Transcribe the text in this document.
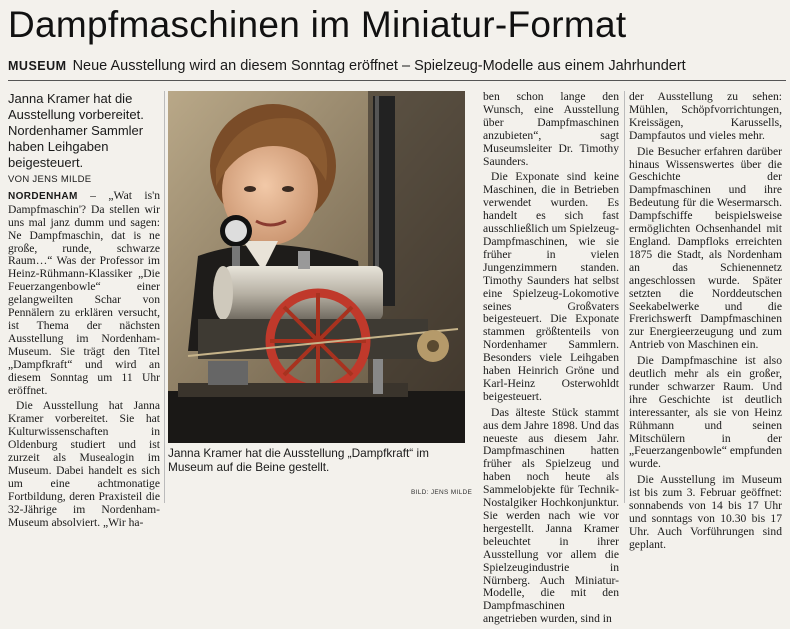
Dampfmaschinen im Miniatur-Format
MUSEUM Neue Ausstellung wird an diesem Sonntag eröffnet – Spielzeug-Modelle aus einem Jahrhundert

Janna Kramer hat die Ausstellung vorbereitet. Nordenhamer Sammler haben Leihgaben beigesteuert.

VON JENS MILDE

NORDENHAM – „Wat is'n Dampfmaschin'? Da stellen wir uns mal janz dumm und sagen: Ne Dampfmaschin, dat is ne große, runde, schwarze Raum…“ Was der Professor im Heinz-Rühmann-Klassiker „Die Feuerzangenbowle“ einer gelangweilten Schar von Pennälern zu erklären versucht, ist Thema der nächsten Ausstellung im Nordenham-Museum. Sie trägt den Titel „Dampfkraft“ und wird an diesem Sonntag um 11 Uhr eröffnet.

Die Ausstellung hat Janna Kramer vorbereitet. Sie hat Kulturwissenschaften in Oldenburg studiert und ist zurzeit als Musealogin im Museum. Dabei handelt es sich um eine achtmonatige Fortbildung, deren Praxisteil die 32-Jährige im Nordenham-Museum absolviert. „Wir ha-

Janna Kramer hat die Ausstellung „Dampfkraft“ im Museum auf die Beine gestellt.
BILD: JENS MILDE

ben schon lange den Wunsch, eine Ausstellung über Dampfmaschinen anzubieten“, sagt Museumsleiter Dr. Timothy Saunders.

Die Exponate sind keine Maschinen, die in Betrieben verwendet wurden. Es handelt es sich fast ausschließlich um Spielzeug-Dampfmaschinen, wie sie früher in vielen Jungenzimmern standen. Timothy Saunders hat selbst eine Spielzeug-Lokomotive seines Großvaters beigesteuert. Die Exponate stammen größtenteils von Nordenhamer Sammlern. Besonders viele Leihgaben haben Heinrich Gröne und Karl-Heinz Osterwohldt beigesteuert.

Das älteste Stück stammt aus dem Jahre 1898. Und das neueste aus diesem Jahr. Dampfmaschinen hatten früher als Spielzeug und haben noch heute als Sammelobjekte für Technik-Nostalgiker Hochkonjunktur. Sie werden nach wie vor hergestellt. Janna Kramer beleuchtet in ihrer Ausstellung vor allem die Spielzeugindustrie in Nürnberg. Auch Miniatur-Modelle, die mit den Dampfmaschinen angetrieben wurden, sind in

der Ausstellung zu sehen: Mühlen, Schöpfvorrichtungen, Kreissägen, Karussells, Dampfautos und vieles mehr.

Die Besucher erfahren darüber hinaus Wissenswertes über die Geschichte der Dampfmaschinen und ihre Bedeutung für die Wesermarsch. Dampfschiffe beispielsweise ermöglichten Ochsenhandel mit England. Dampfloks erreichten 1875 die Stadt, als Nordenham an das Schienennetz angeschlossen wurde. Später setzten die Norddeutschen Seekabelwerke und die Frerichswerft Dampfmaschinen zur Energieerzeugung und zum Antrieb von Maschinen ein.

Die Dampfmaschine ist also deutlich mehr als ein großer, runder schwarzer Raum. Und ihre Geschichte ist deutlich interessanter, als sie von Heinz Rühmann und seinen Mitschülern in der „Feuerzangenbowle“ empfunden wurde.

Die Ausstellung im Museum ist bis zum 3. Februar geöffnet: sonnabends von 14 bis 17 Uhr und sonntags von 10.30 bis 17 Uhr. Auch Vorführungen sind geplant.
